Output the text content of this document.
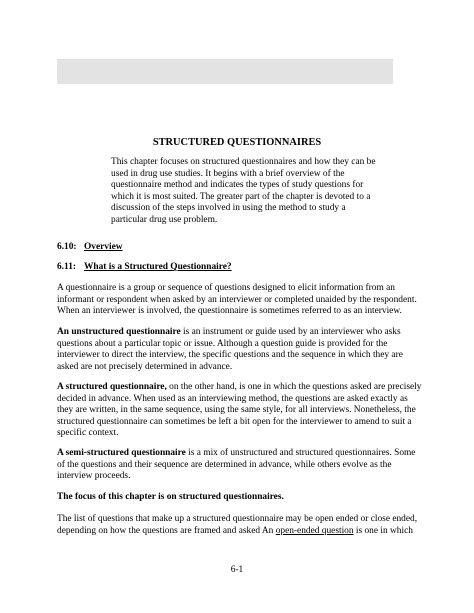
STRUCTURED QUESTIONNAIRES
This chapter focuses on structured questionnaires and how they can be used in drug use studies. It begins with a brief overview of the questionnaire method and indicates the types of study questions for which it is most suited. The greater part of the chapter is devoted to a discussion of the steps involved in using the method to study a particular drug use problem.
6.10: Overview
6.11: What is a Structured Questionnaire?
A questionnaire is a group or sequence of questions designed to elicit information from an informant or respondent when asked by an interviewer or completed unaided by the respondent. When an interviewer is involved, the questionnaire is sometimes referred to as an interview.
An unstructured questionnaire is an instrument or guide used by an interviewer who asks questions about a particular topic or issue. Although a question guide is provided for the interviewer to direct the interview, the specific questions and the sequence in which they are asked are not precisely determined in advance.
A structured questionnaire, on the other hand, is one in which the questions asked are precisely decided in advance. When used as an interviewing method, the questions are asked exactly as they are written, in the same sequence, using the same style, for all interviews. Nonetheless, the structured questionnaire can sometimes be left a bit open for the interviewer to amend to suit a specific context.
A semi-structured questionnaire is a mix of unstructured and structured questionnaires. Some of the questions and their sequence are determined in advance, while others evolve as the interview proceeds.
The focus of this chapter is on structured questionnaires.
The list of questions that make up a structured questionnaire may be open ended or close ended, depending on how the questions are framed and asked An open-ended question is one in which
6-1
